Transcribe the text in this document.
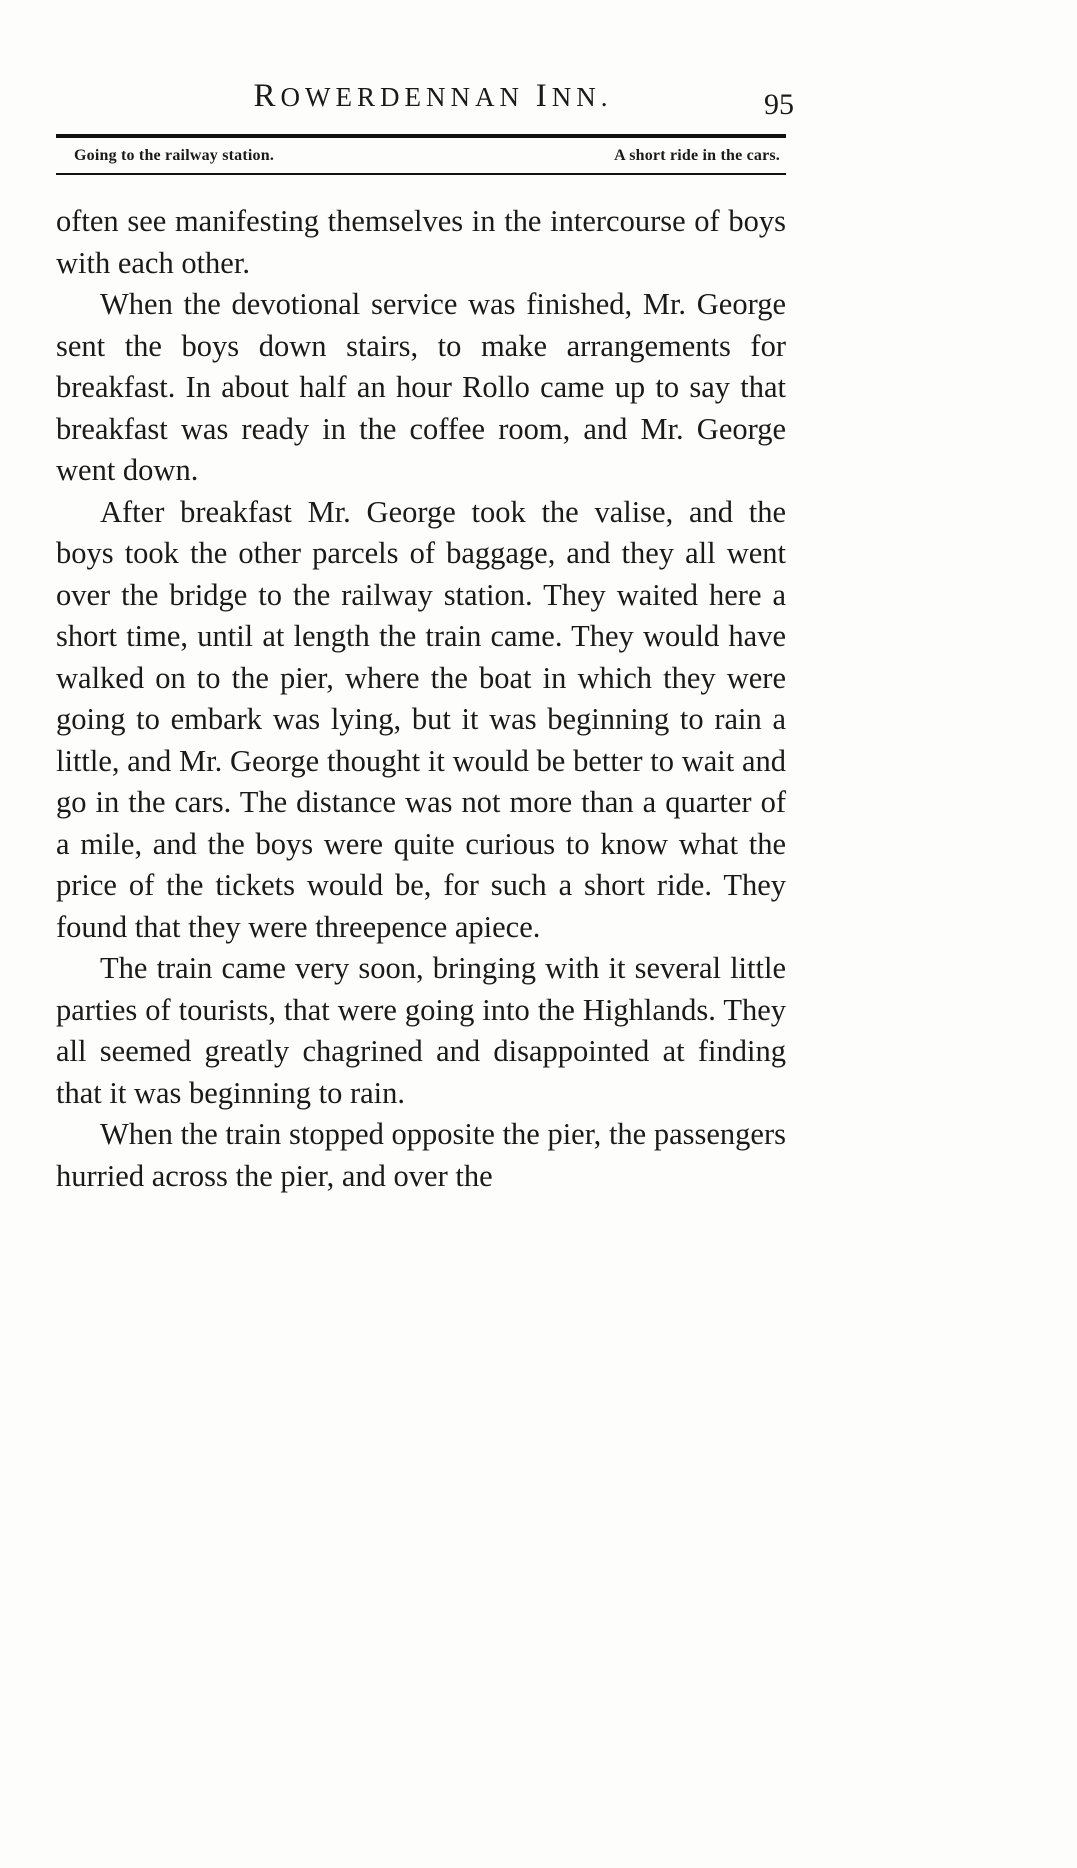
ROWERDENNAN INN.	95
Going to the railway station.	A short ride in the cars.

often see manifesting themselves in the intercourse of boys with each other.

When the devotional service was finished, Mr. George sent the boys down stairs, to make arrangements for breakfast. In about half an hour Rollo came up to say that breakfast was ready in the coffee room, and Mr. George went down.

After breakfast Mr. George took the valise, and the boys took the other parcels of baggage, and they all went over the bridge to the railway station. They waited here a short time, until at length the train came. They would have walked on to the pier, where the boat in which they were going to embark was lying, but it was beginning to rain a little, and Mr. George thought it would be better to wait and go in the cars. The distance was not more than a quarter of a mile, and the boys were quite curious to know what the price of the tickets would be, for such a short ride. They found that they were threepence apiece.

The train came very soon, bringing with it several little parties of tourists, that were going into the Highlands. They all seemed greatly chagrined and disappointed at finding that it was beginning to rain.

When the train stopped opposite the pier, the passengers hurried across the pier, and over the
